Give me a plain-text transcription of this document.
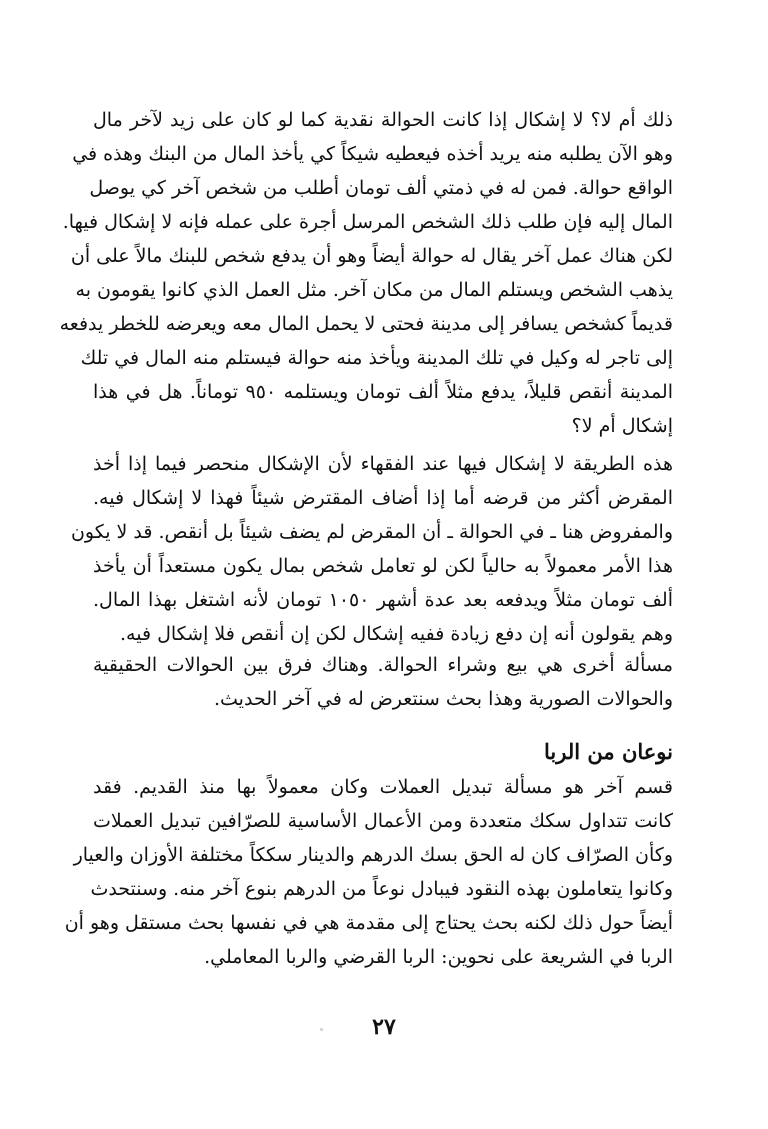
ذلك أم لا؟ لا إشكال إذا كانت الحوالة نقدية كما لو كان على زيد لآخر مال
وهو الآن يطلبه منه يريد أخذه فيعطيه شيكاً كي يأخذ المال من البنك وهذه في
الواقع حوالة. فمن له في ذمتي ألف تومان أطلب من شخص آخر كي يوصل
المال إليه فإن طلب ذلك الشخص المرسل أجرة على عمله فإنه لا إشكال فيها.
لكن هناك عمل آخر يقال له حوالة أيضاً وهو أن يدفع شخص للبنك مالاً على أن
يذهب الشخص ويستلم المال من مكان آخر. مثل العمل الذي كانوا يقومون به
قديماً كشخص يسافر إلى مدينة فحتى لا يحمل المال معه ويعرضه للخطر يدفعه
إلى تاجر له وكيل في تلك المدينة ويأخذ منه حوالة فيستلم منه المال في تلك
المدينة أنقص قليلاً، يدفع مثلاً ألف تومان ويستلمه ٩٥٠ توماناً. هل في هذا
إشكال أم لا؟
هذه الطريقة لا إشكال فيها عند الفقهاء لأن الإشكال منحصر فيما إذا أخذ
المقرض أكثر من قرضه أما إذا أضاف المقترض شيئاً فهذا لا إشكال فيه.
والمفروض هنا ـ في الحوالة ـ أن المقرض لم يضف شيئاً بل أنقص. قد لا يكون
هذا الأمر معمولاً به حالياً لكن لو تعامل شخص بمال يكون مستعداً أن يأخذ
ألف تومان مثلاً ويدفعه بعد عدة أشهر ١٠٥٠ تومان لأنه اشتغل بهذا المال.
وهم يقولون أنه إن دفع زيادة ففيه إشكال لكن إن أنقص فلا إشكال فيه.
مسألة أخرى هي بيع وشراء الحوالة. وهناك فرق بين الحوالات الحقيقية
والحوالات الصورية وهذا بحث سنتعرض له في آخر الحديث.
نوعان من الربا
قسم آخر هو مسألة تبديل العملات وكان معمولاً بها منذ القديم. فقد
كانت تتداول سكك متعددة ومن الأعمال الأساسية للصرّافين تبديل العملات
وكأن الصرّاف كان له الحق بسك الدرهم والدينار سككاً مختلفة الأوزان والعيار
وكانوا يتعاملون بهذه النقود فيبادل نوعاً من الدرهم بنوع آخر منه. وسنتحدث
أيضاً حول ذلك لكنه بحث يحتاج إلى مقدمة هي في نفسها بحث مستقل وهو أن
الربا في الشريعة على نحوين: الربا القرضي والربا المعاملي.
٢٧
